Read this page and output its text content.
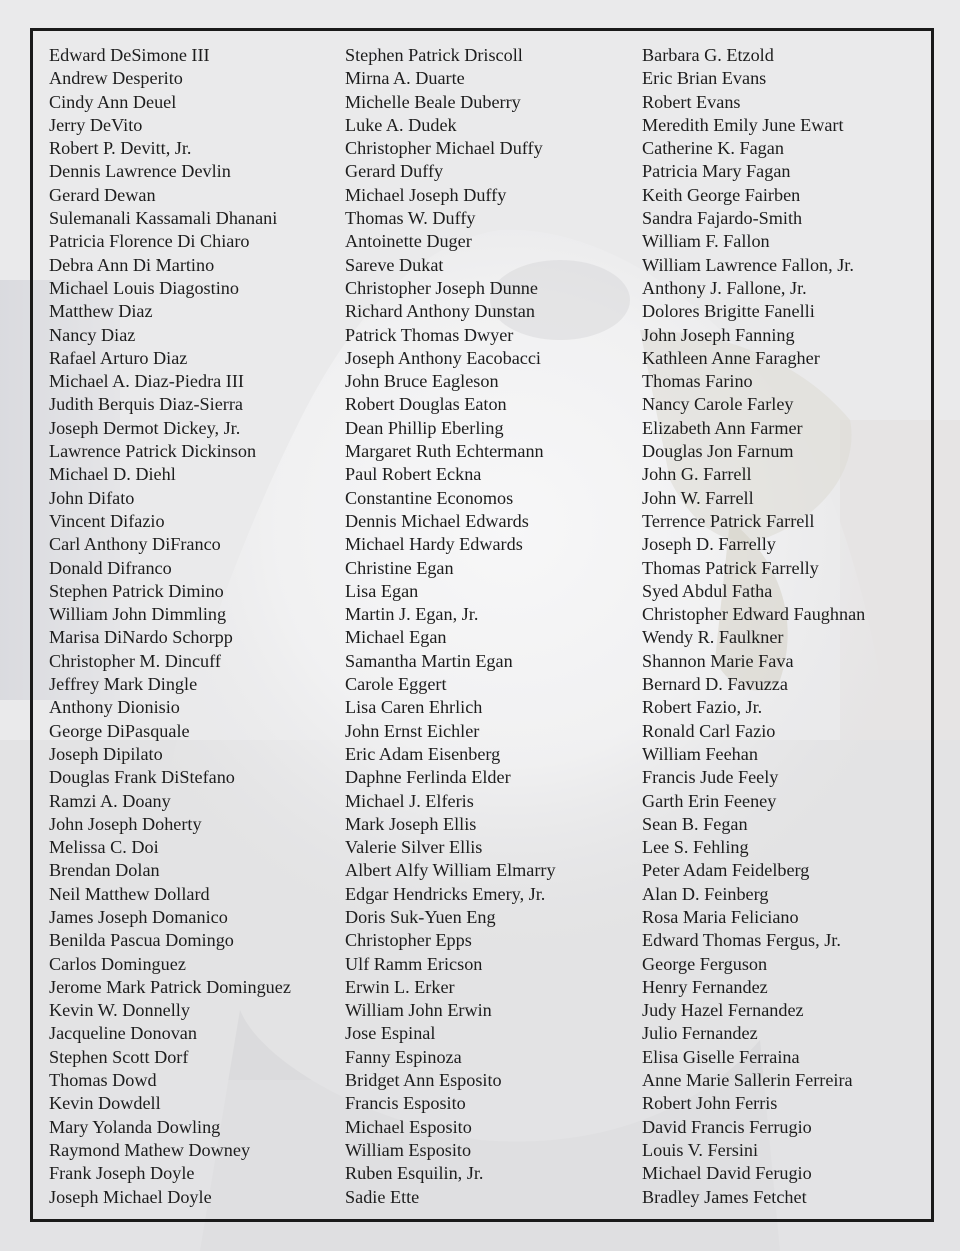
Edward DeSimone III
Andrew Desperito
Cindy Ann Deuel
Jerry DeVito
Robert P. Devitt, Jr.
Dennis Lawrence Devlin
Gerard Dewan
Sulemanali Kassamali Dhanani
Patricia Florence Di Chiaro
Debra Ann Di Martino
Michael Louis Diagostino
Matthew Diaz
Nancy Diaz
Rafael Arturo Diaz
Michael A. Diaz-Piedra III
Judith Berquis Diaz-Sierra
Joseph Dermot Dickey, Jr.
Lawrence Patrick Dickinson
Michael D. Diehl
John Difato
Vincent Difazio
Carl Anthony DiFranco
Donald Difranco
Stephen Patrick Dimino
William John Dimmling
Marisa DiNardo Schorpp
Christopher M. Dincuff
Jeffrey Mark Dingle
Anthony Dionisio
George DiPasquale
Joseph Dipilato
Douglas Frank DiStefano
Ramzi A. Doany
John Joseph Doherty
Melissa C. Doi
Brendan Dolan
Neil Matthew Dollard
James Joseph Domanico
Benilda Pascua Domingo
Carlos Dominguez
Jerome Mark Patrick Dominguez
Kevin W. Donnelly
Jacqueline Donovan
Stephen Scott Dorf
Thomas Dowd
Kevin Dowdell
Mary Yolanda Dowling
Raymond Mathew Downey
Frank Joseph Doyle
Joseph Michael Doyle
Stephen Patrick Driscoll
Mirna A. Duarte
Michelle Beale Duberry
Luke A. Dudek
Christopher Michael Duffy
Gerard Duffy
Michael Joseph Duffy
Thomas W. Duffy
Antoinette Duger
Sareve Dukat
Christopher Joseph Dunne
Richard Anthony Dunstan
Patrick Thomas Dwyer
Joseph Anthony Eacobacci
John Bruce Eagleson
Robert Douglas Eaton
Dean Phillip Eberling
Margaret Ruth Echtermann
Paul Robert Eckna
Constantine Economos
Dennis Michael Edwards
Michael Hardy Edwards
Christine Egan
Lisa Egan
Martin J. Egan, Jr.
Michael Egan
Samantha Martin Egan
Carole Eggert
Lisa Caren Ehrlich
John Ernst Eichler
Eric Adam Eisenberg
Daphne Ferlinda Elder
Michael J. Elferis
Mark Joseph Ellis
Valerie Silver Ellis
Albert Alfy William Elmarry
Edgar Hendricks Emery, Jr.
Doris Suk-Yuen Eng
Christopher Epps
Ulf Ramm Ericson
Erwin L. Erker
William John Erwin
Jose Espinal
Fanny Espinoza
Bridget Ann Esposito
Francis Esposito
Michael Esposito
William Esposito
Ruben Esquilin, Jr.
Sadie Ette
Barbara G. Etzold
Eric Brian Evans
Robert Evans
Meredith Emily June Ewart
Catherine K. Fagan
Patricia Mary Fagan
Keith George Fairben
Sandra Fajardo-Smith
William F. Fallon
William Lawrence Fallon, Jr.
Anthony J. Fallone, Jr.
Dolores Brigitte Fanelli
John Joseph Fanning
Kathleen Anne Faragher
Thomas Farino
Nancy Carole Farley
Elizabeth Ann Farmer
Douglas Jon Farnum
John G. Farrell
John W. Farrell
Terrence Patrick Farrell
Joseph D. Farrelly
Thomas Patrick Farrelly
Syed Abdul Fatha
Christopher Edward Faughnan
Wendy R. Faulkner
Shannon Marie Fava
Bernard D. Favuzza
Robert Fazio, Jr.
Ronald Carl Fazio
William Feehan
Francis Jude Feely
Garth Erin Feeney
Sean B. Fegan
Lee S. Fehling
Peter Adam Feidelberg
Alan D. Feinberg
Rosa Maria Feliciano
Edward Thomas Fergus, Jr.
George Ferguson
Henry Fernandez
Judy Hazel Fernandez
Julio Fernandez
Elisa Giselle Ferraina
Anne Marie Sallerin Ferreira
Robert John Ferris
David Francis Ferrugio
Louis V. Fersini
Michael David Ferugio
Bradley James Fetchet
